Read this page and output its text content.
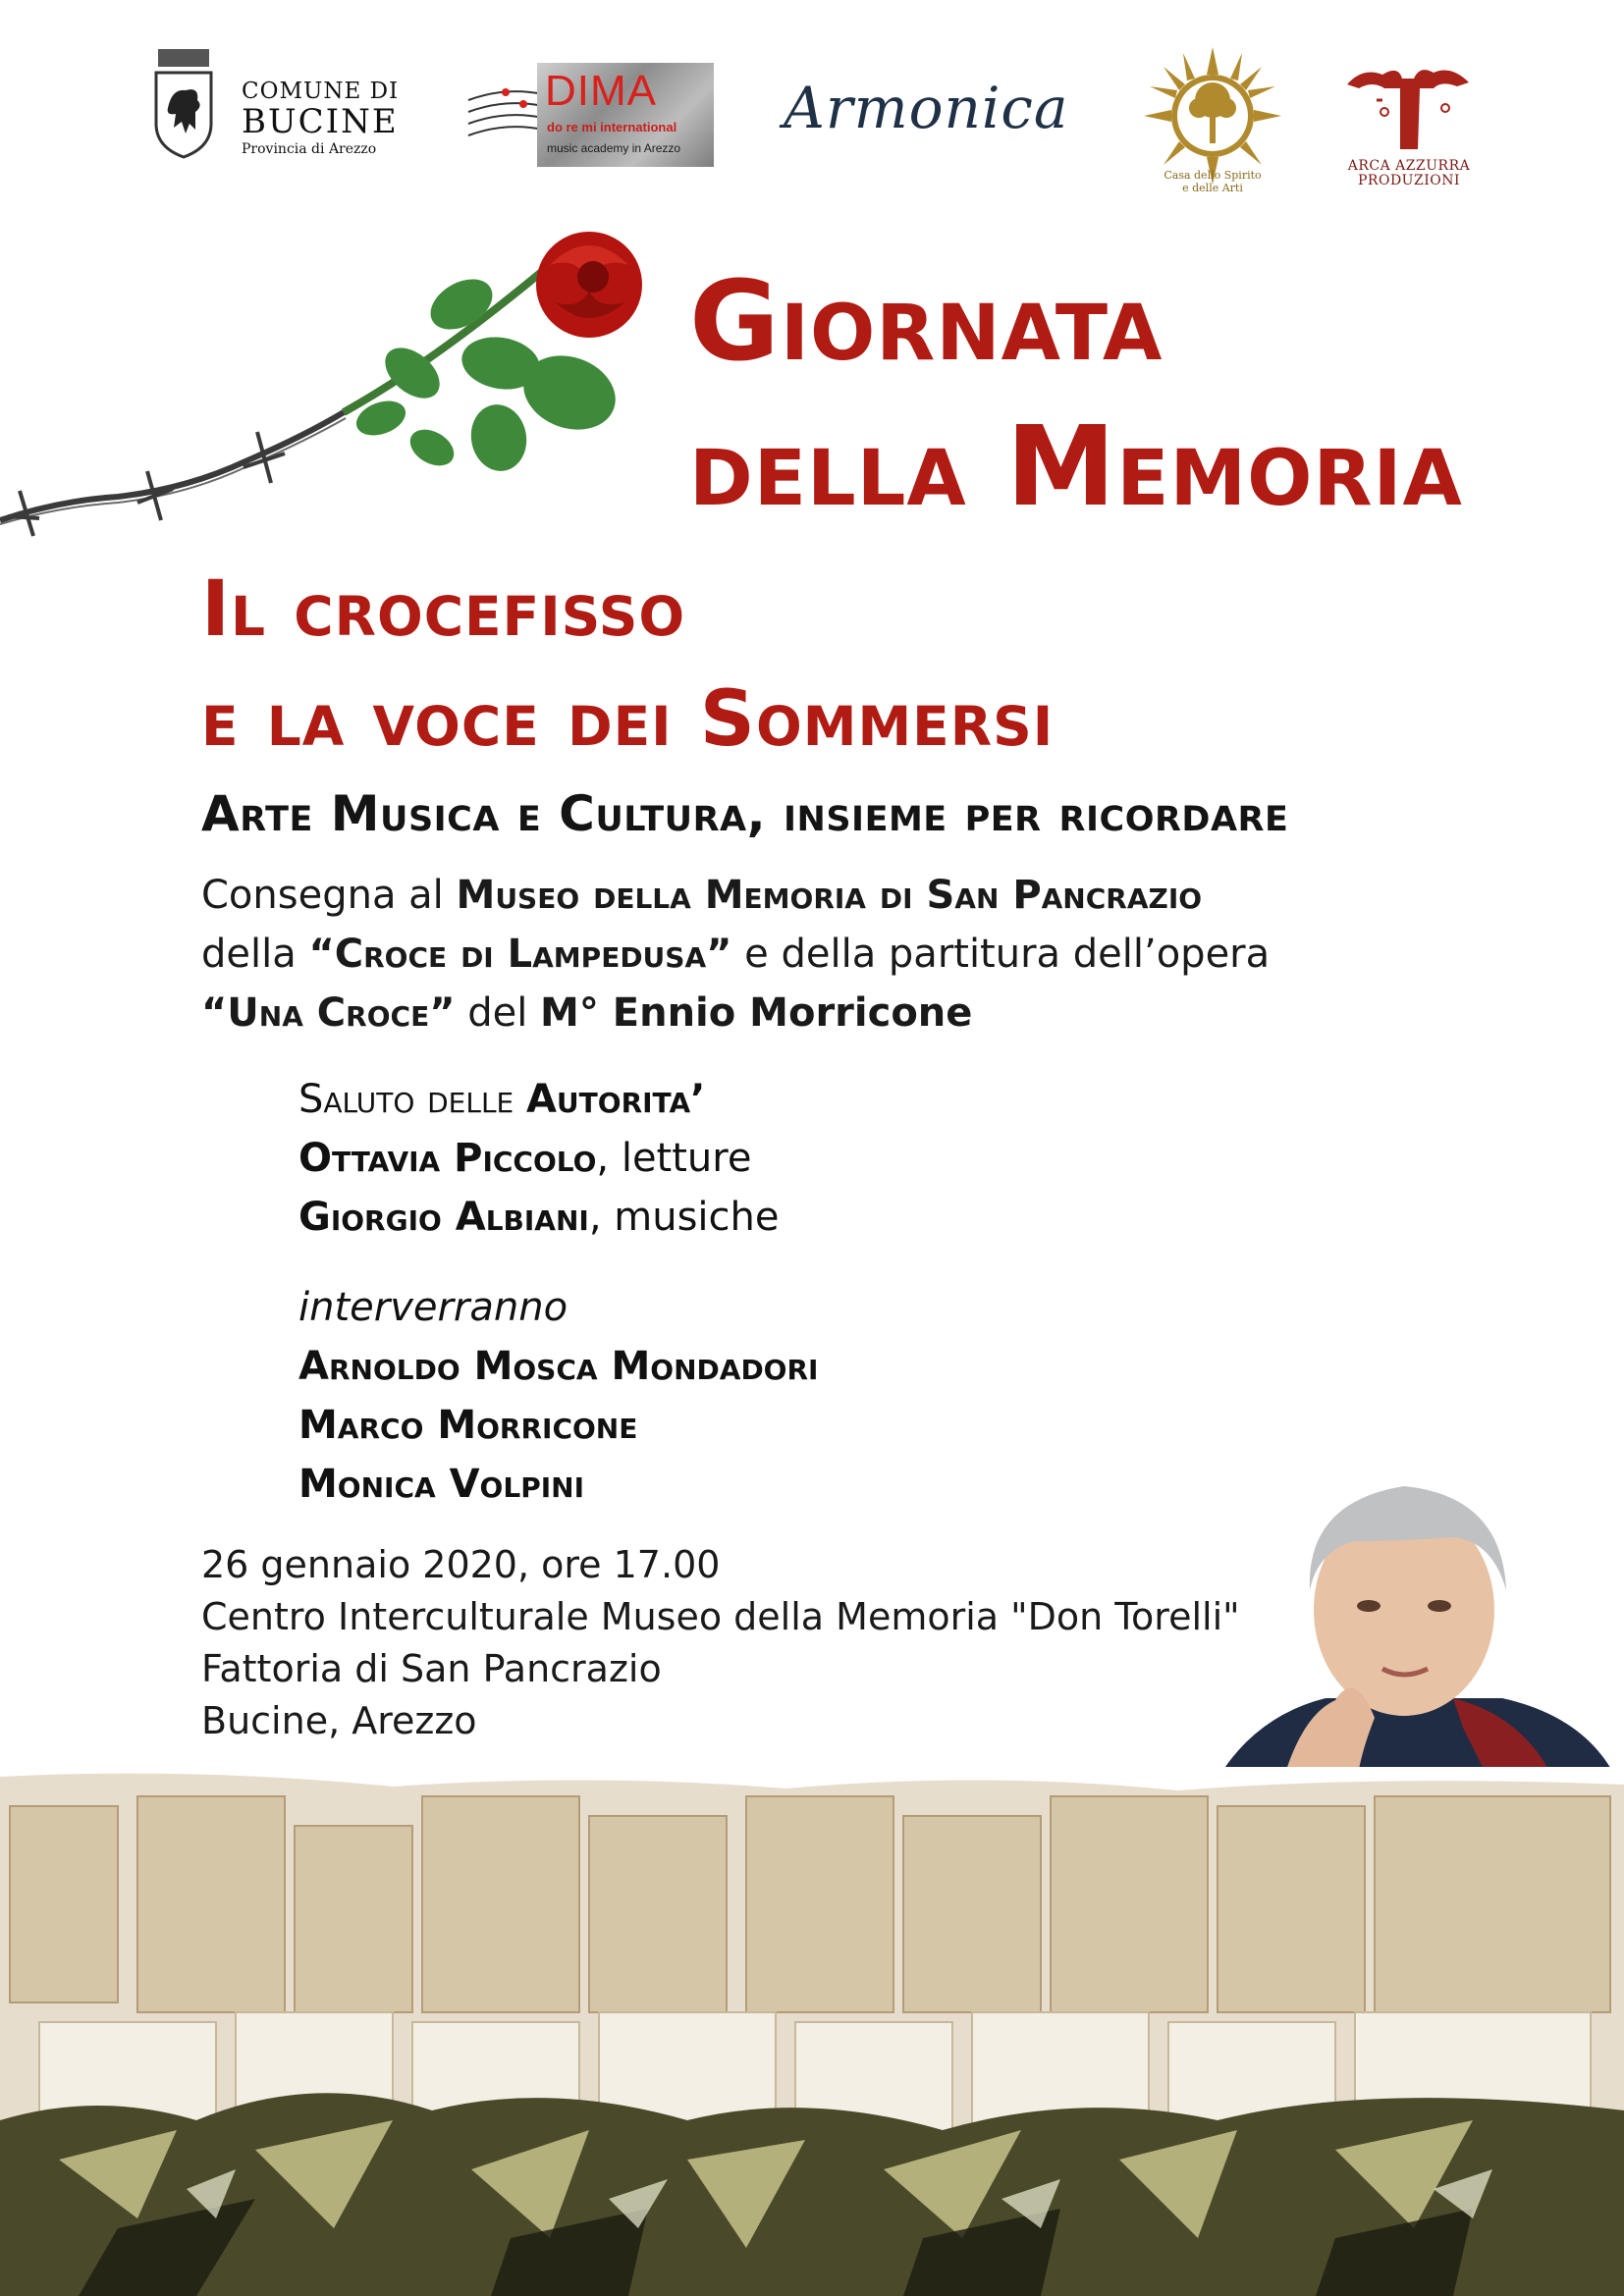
COMUNE DI
BUCINE
Provincia di Arezzo
DIMA
do re mi international
music academy in Arezzo
Armonica
Casa dello Spirito
e delle Arti
ARCA AZZURRA
PRODUZIONI
Giornata
della Memoria
Il crocefisso
e la voce dei Sommersi
Arte Musica e Cultura, insieme per ricordare
Consegna al Museo della Memoria di San Pancrazio
della “Croce di Lampedusa” e della partitura dell’opera
“Una Croce” del M° Ennio Morricone
Saluto delle Autorita’
Ottavia Piccolo, letture
Giorgio Albiani, musiche
interverranno
Arnoldo Mosca Mondadori
Marco Morricone
Monica Volpini
26 gennaio 2020, ore 17.00
Centro Interculturale Museo della Memoria "Don Torelli"
Fattoria di San Pancrazio
Bucine, Arezzo
